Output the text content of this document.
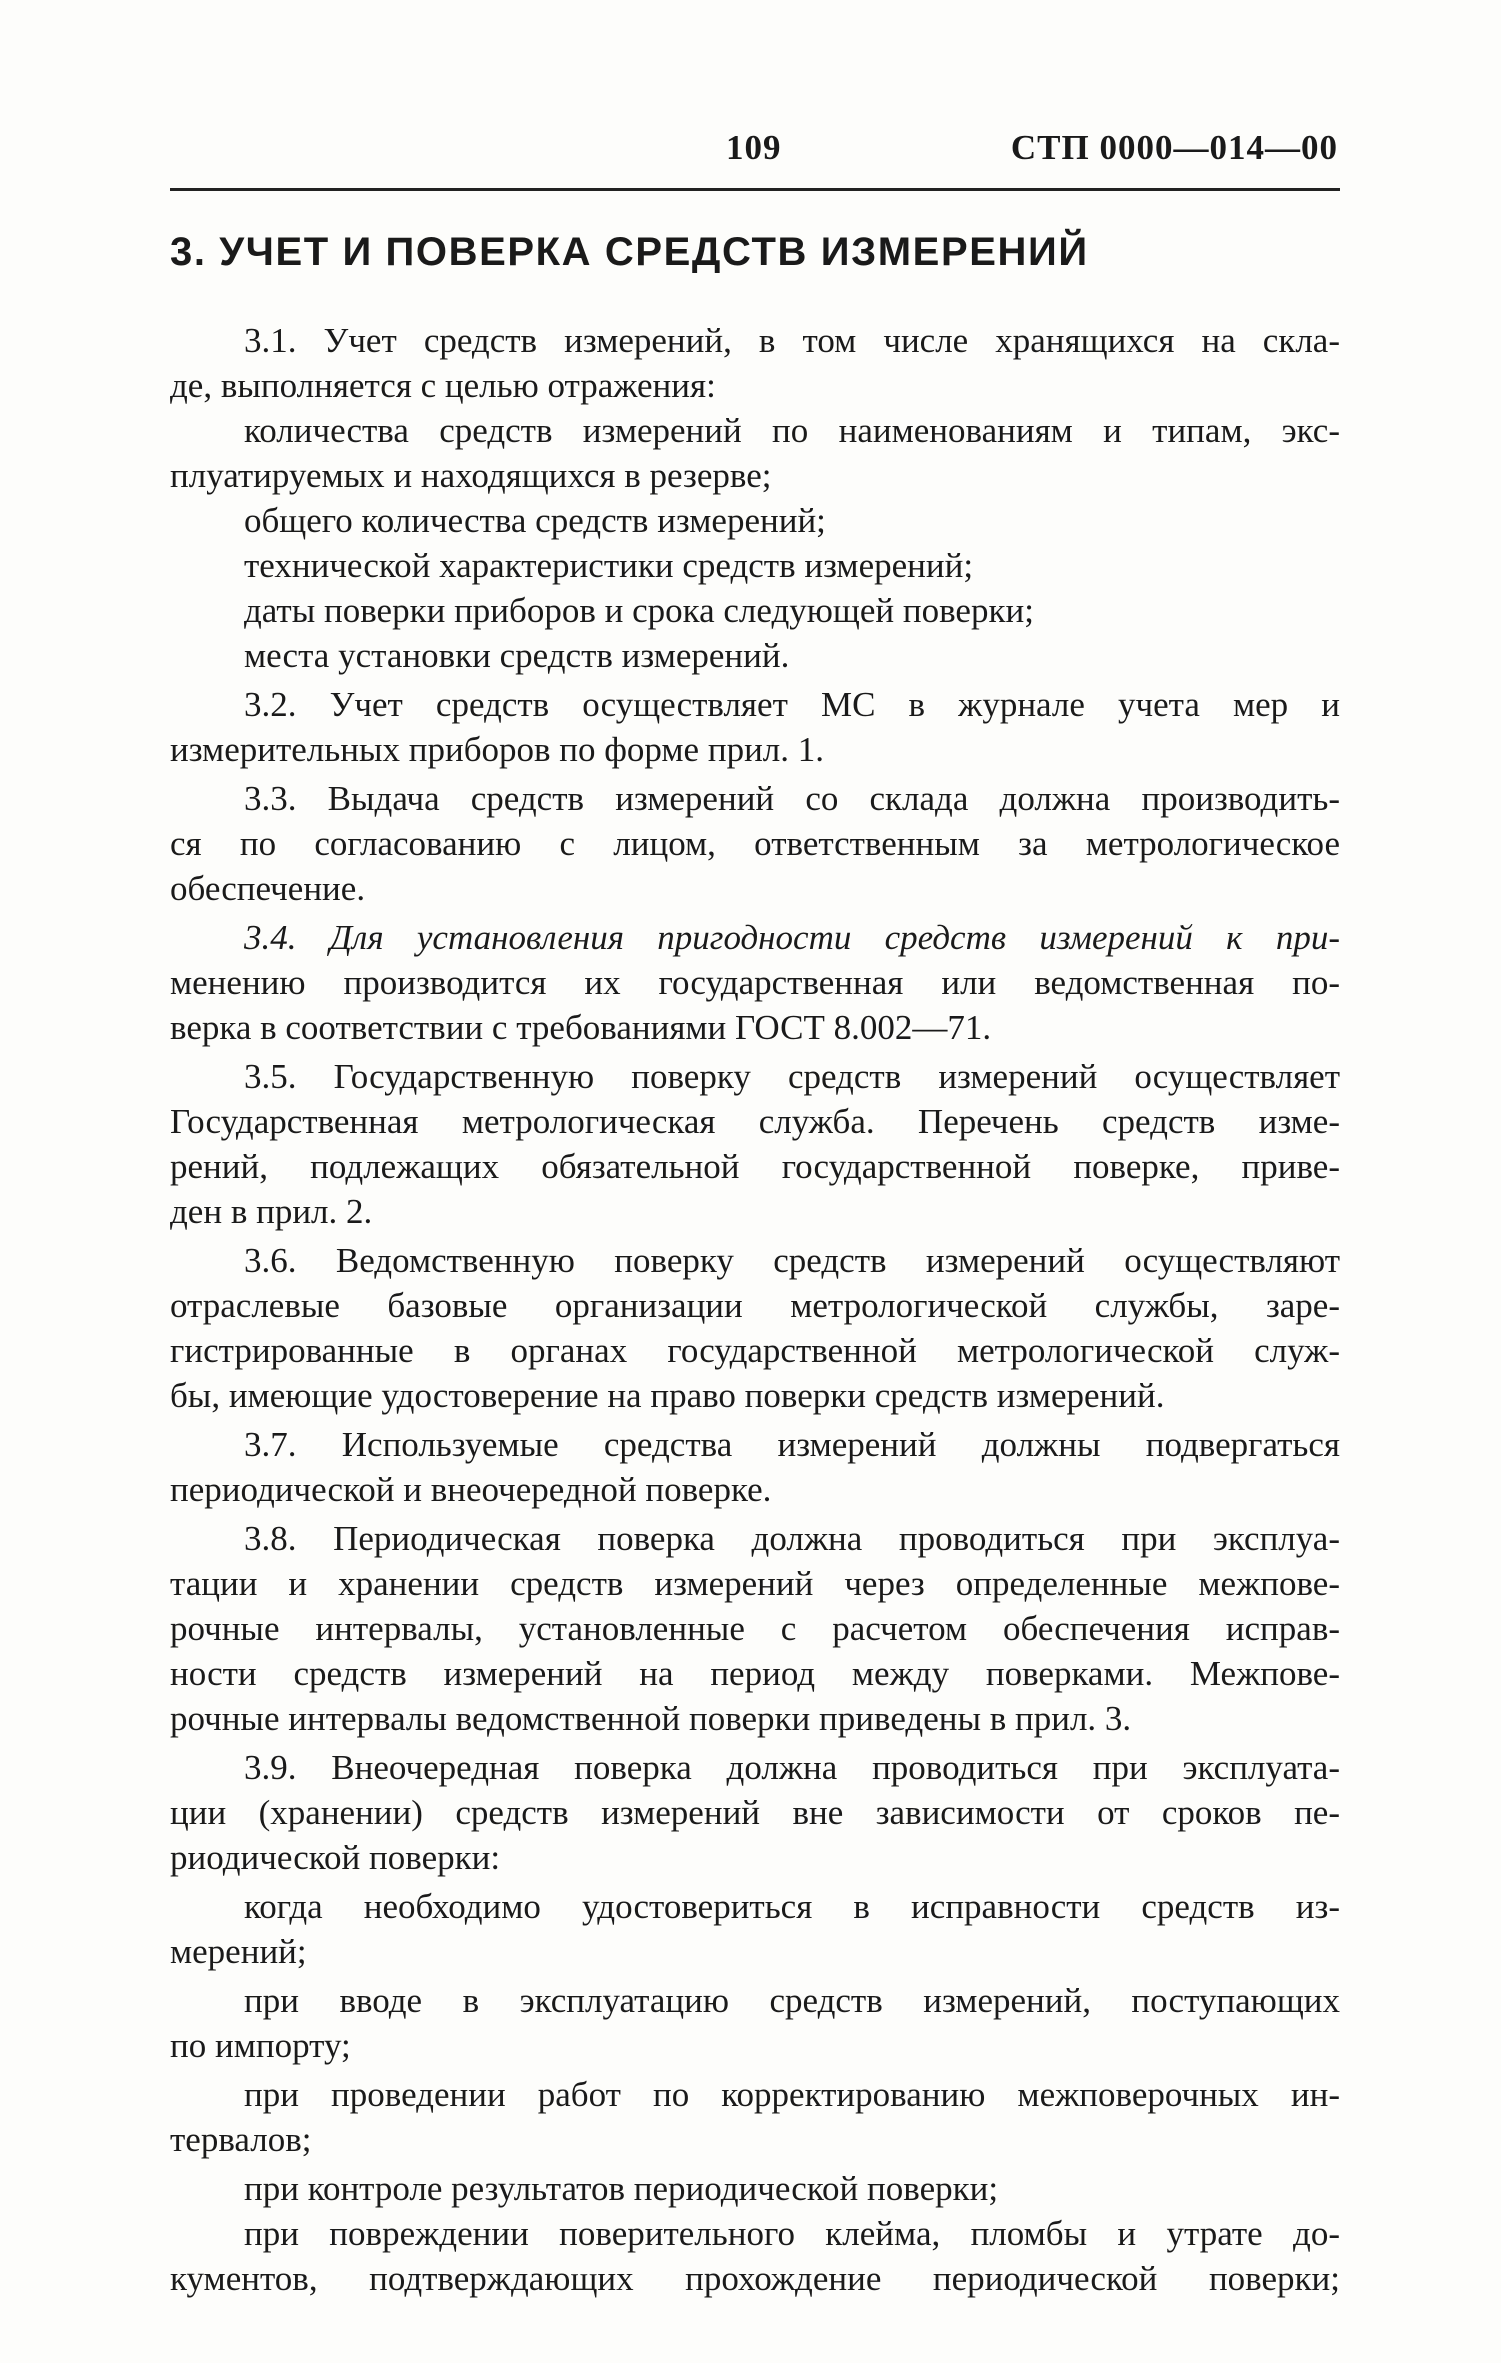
109	СТП 0000—014—00
3. УЧЕТ И ПОВЕРКА СРЕДСТВ ИЗМЕРЕНИЙ
3.1. Учет средств измерений, в том числе хранящихся на скла-
де, выполняется с целью отражения:
количества средств измерений по наименованиям и типам, экс-
плуатируемых и находящихся в резерве;
общего количества средств измерений;
технической характеристики средств измерений;
даты поверки приборов и срока следующей поверки;
места установки средств измерений.
3.2. Учет средств осуществляет МС в журнале учета мер и
измерительных приборов по форме прил. 1.
3.3. Выдача средств измерений со склада должна производить-
ся по согласованию с лицом, ответственным за метрологическое
обеспечение.
3.4. Для установления пригодности средств измерений к при-
менению производится их государственная или ведомственная по-
верка в соответствии с требованиями ГОСТ 8.002—71.
3.5. Государственную поверку средств измерений осуществляет
Государственная метрологическая служба. Перечень средств изме-
рений, подлежащих обязательной государственной поверке, приве-
ден в прил. 2.
3.6. Ведомственную поверку средств измерений осуществляют
отраслевые базовые организации метрологической службы, заре-
гистрированные в органах государственной метрологической служ-
бы, имеющие удостоверение на право поверки средств измерений.
3.7. Используемые средства измерений должны подвергаться
периодической и внеочередной поверке.
3.8. Периодическая поверка должна проводиться при эксплуа-
тации и хранении средств измерений через определенные межпове-
рочные интервалы, установленные с расчетом обеспечения исправ-
ности средств измерений на период между поверками. Межпове-
рочные интервалы ведомственной поверки приведены в прил. 3.
3.9. Внеочередная поверка должна проводиться при эксплуата-
ции (хранении) средств измерений вне зависимости от сроков пе-
риодической поверки:
когда необходимо удостовериться в исправности средств из-
мерений;
при вводе в эксплуатацию средств измерений, поступающих
по импорту;
при проведении работ по корректированию межповерочных ин-
тервалов;
при контроле результатов периодической поверки;
при повреждении поверительного клейма, пломбы и утрате до-
кументов, подтверждающих прохождение периодической поверки;
